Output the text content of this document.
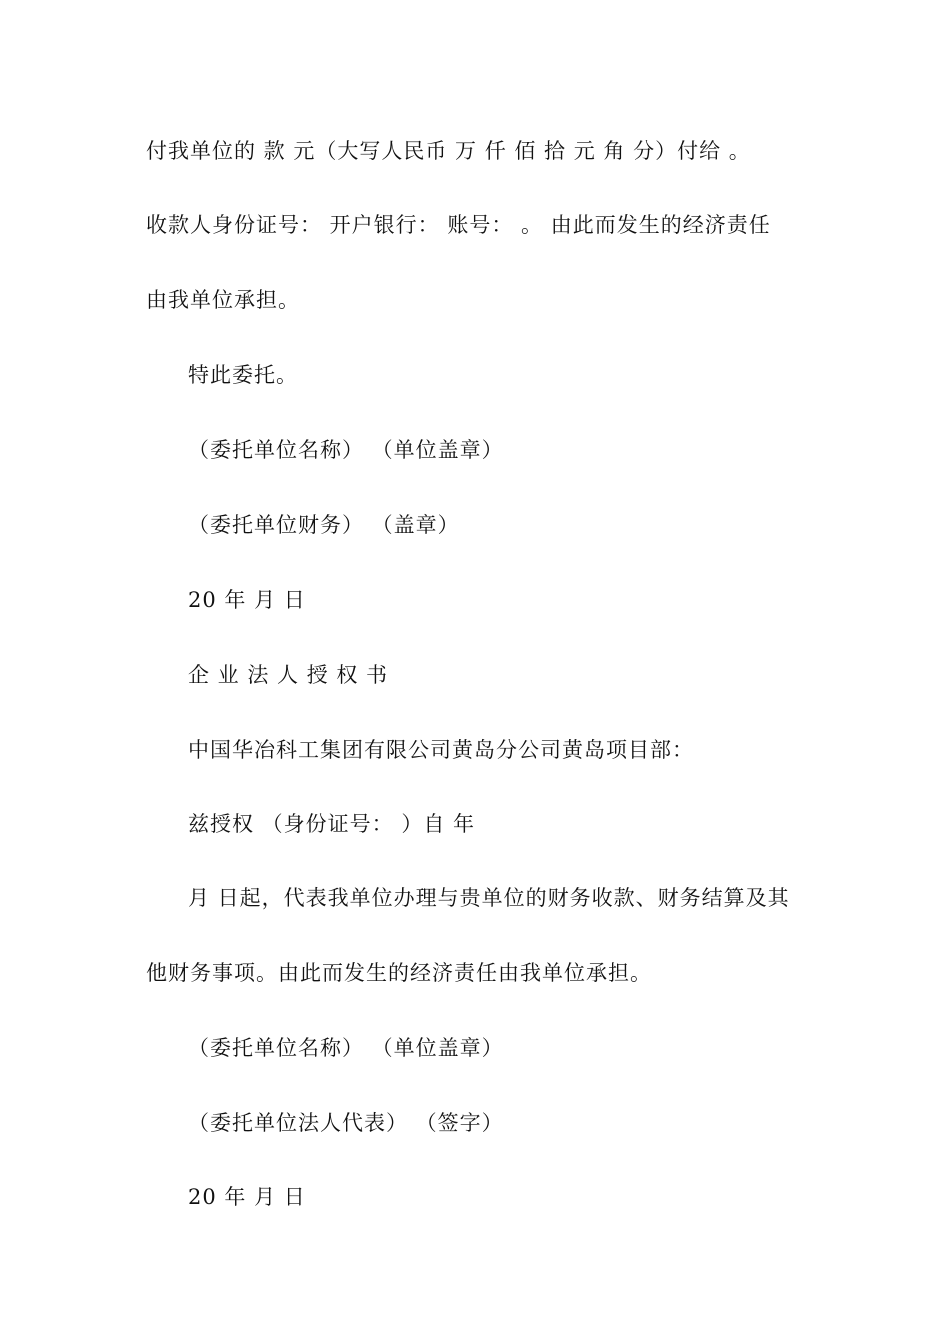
付我单位的 款 元（大写人民币 万 仟 佰 拾 元 角 分）付给 。
收款人身份证号： 开户银行： 账号： 。 由此而发生的经济责任
由我单位承担。
特此委托。
（委托单位名称） （单位盖章）
（委托单位财务） （盖章）
20 年 月 日
企 业 法 人 授 权 书
中国华冶科工集团有限公司黄岛分公司黄岛项目部：
兹授权 （身份证号： ）自 年
月 日起，代表我单位办理与贵单位的财务收款、财务结算及其
他财务事项。由此而发生的经济责任由我单位承担。
（委托单位名称） （单位盖章）
（委托单位法人代表） （签字）
20 年 月 日
